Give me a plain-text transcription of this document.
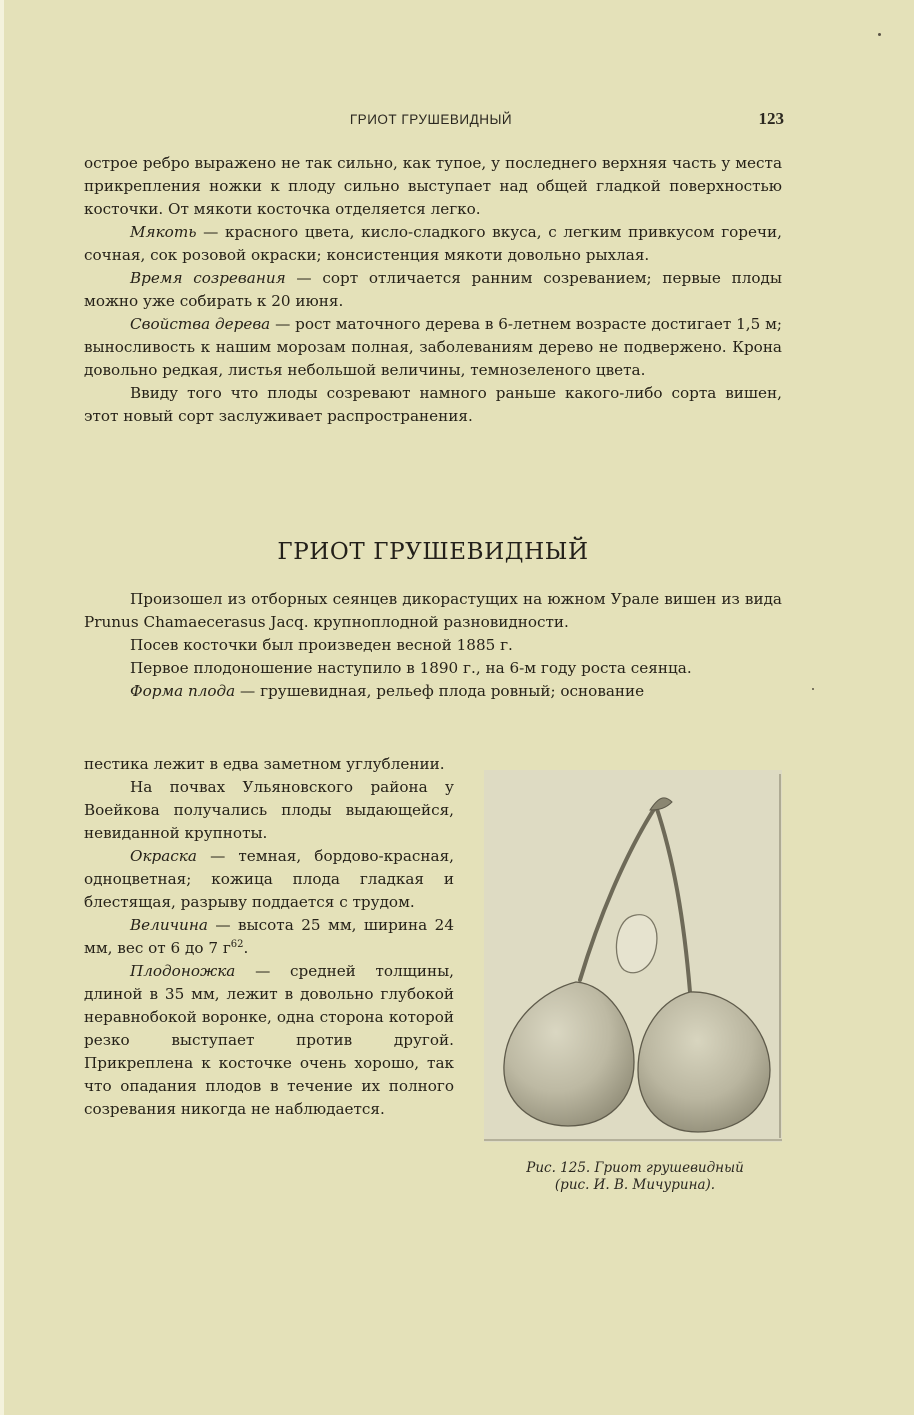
ГРИОТ ГРУШЕВИДНЫЙ	123

острое ребро выражено не так сильно, как тупое, у последнего верхняя часть у места прикрепления ножки к плоду сильно выступает над общей гладкой поверхностью косточки. От мякоти косточка отделяется легко.

Мякоть — красного цвета, кисло-сладкого вкуса, с легким привкусом горечи, сочная, сок розовой окраски; консистенция мякоти довольно рыхлая.

Время созревания — сорт отличается ранним созреванием; первые плоды можно уже собирать к 20 июня.

Свойства дерева — рост маточного дерева в 6-летнем возрасте достигает 1,5 м; выносливость к нашим морозам полная, заболеваниям дерево не подвержено. Крона довольно редкая, листья небольшой величины, темнозеленого цвета.

Ввиду того что плоды созревают намного раньше какого-либо сорта вишен, этот новый сорт заслуживает распространения.

ГРИОТ ГРУШЕВИДНЫЙ

Произошел из отборных сеянцев дикорастущих на южном Урале вишен из вида Prunus Chamaecerasus Jacq. крупноплодной разновидности.

Посев косточки был произведен весной 1885 г.

Первое плодоношение наступило в 1890 г., на 6-м году роста сеянца.

Форма плода — грушевидная, рельеф плода ровный; основание

пестика лежит в едва заметном углублении.

На почвах Ульяновского района у Воейкова получались плоды выдающейся, невиданной крупноты.

Окраска — темная, бордово-красная, одноцветная; кожица плода гладкая и блестящая, разрыву поддается с трудом.

Величина — высота 25 мм, ширина 24 мм, вес от 6 до 7 $г^{62}$.

Плодоножка — средней толщины, длиной в 35 мм, лежит в довольно глубокой неравнобокой воронке, одна сторона которой резко выступает против другой. Прикреплена к косточке очень хорошо, так что опадания плодов в течение их полного созревания никогда не наблюдается.

Рис. 125. Гриот грушевидный
(рис. И. В. Мичурина).
